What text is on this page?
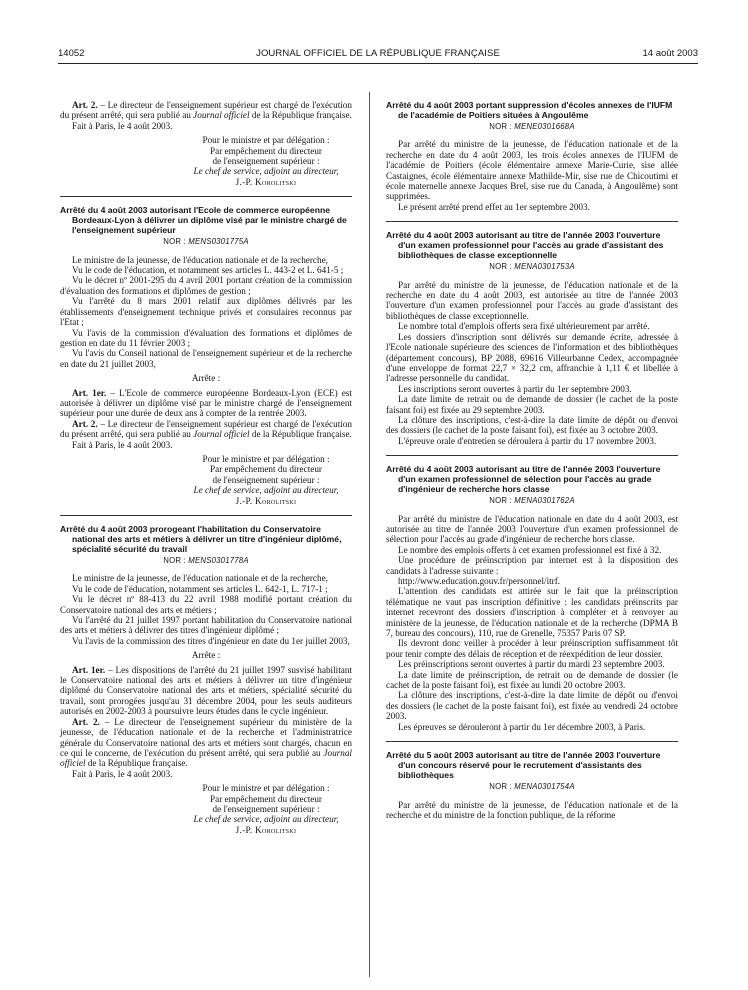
14052	JOURNAL OFFICIEL DE LA RÉPUBLIQUE FRANÇAISE	14 août 2003

Art. 2. – Le directeur de l'enseignement supérieur est chargé de l'exécution du présent arrêté, qui sera publié au Journal officiel de la République française.

Fait à Paris, le 4 août 2003.

Pour le ministre et par délégation :

Par empêchement du directeur

de l'enseignement supérieur :

Le chef de service, adjoint au directeur,

J.-P. Korolitski

Arrêté du 4 août 2003 autorisant l'Ecole de commerce européenne Bordeaux-Lyon à délivrer un diplôme visé par le ministre chargé de l'enseignement supérieur

NOR : MENS0301775A

Le ministre de la jeunesse, de l'éducation nationale et de la recherche,

Vu le code de l'éducation, et notamment ses articles L. 443-2 et L. 641-5 ;

Vu le décret nº 2001-295 du 4 avril 2001 portant création de la commission d'évaluation des formations et diplômes de gestion ;

Vu l'arrêté du 8 mars 2001 relatif aux diplômes délivrés par les établissements d'enseignement technique privés et consulaires reconnus par l'Etat ;

Vu l'avis de la commission d'évaluation des formations et diplômes de gestion en date du 11 février 2003 ;

Vu l'avis du Conseil national de l'enseignement supérieur et de la recherche en date du 21 juillet 2003,

Arrête :

Art. 1er. – L'Ecole de commerce européenne Bordeaux-Lyon (ECE) est autorisée à délivrer un diplôme visé par le ministre chargé de l'enseignement supérieur pour une durée de deux ans à compter de la rentrée 2003.

Art. 2. – Le directeur de l'enseignement supérieur est chargé de l'exécution du présent arrêté, qui sera publié au Journal officiel de la République française.

Fait à Paris, le 4 août 2003.

Pour le ministre et par délégation :

Par empêchement du directeur

de l'enseignement supérieur :

Le chef de service, adjoint au directeur,

J.-P. Korolitski

Arrêté du 4 août 2003 prorogeant l'habilitation du Conservatoire national des arts et métiers à délivrer un titre d'ingénieur diplômé, spécialité sécurité du travail

NOR : MENS0301778A

Le ministre de la jeunesse, de l'éducation nationale et de la recherche,

Vu le code de l'éducation, notamment ses articles L. 642-1, L. 717-1 ;

Vu le décret nº 88-413 du 22 avril 1988 modifié portant création du Conservatoire national des arts et métiers ;

Vu l'arrêté du 21 juillet 1997 portant habilitation du Conservatoire national des arts et métiers à délivrer des titres d'ingénieur diplômé ;

Vu l'avis de la commission des titres d'ingénieur en date du 1er juillet 2003,

Arrête :

Art. 1er. – Les dispositions de l'arrêté du 21 juillet 1997 susvisé habilitant le Conservatoire national des arts et métiers à délivrer un titre d'ingénieur diplômé du Conservatoire national des arts et métiers, spécialité sécurité du travail, sont prorogées jusqu'au 31 décembre 2004, pour les seuls auditeurs autorisés en 2002-2003 à poursuivre leurs études dans le cycle ingénieur.

Art. 2. – Le directeur de l'enseignement supérieur du ministère de la jeunesse, de l'éducation nationale et de la recherche et l'administratrice générale du Conservatoire national des arts et métiers sont chargés, chacun en ce qui le concerne, de l'exécution du présent arrêté, qui sera publié au Journal officiel de la République française.

Fait à Paris, le 4 août 2003.

Pour le ministre et par délégation :

Par empêchement du directeur

de l'enseignement supérieur :

Le chef de service, adjoint au directeur,

J.-P. Korolitski

Arrêté du 4 août 2003 portant suppression d'écoles annexes de l'IUFM de l'académie de Poitiers situées à Angoulême

NOR : MENE0301668A

Par arrêté du ministre de la jeunesse, de l'éducation nationale et de la recherche en date du 4 août 2003, les trois écoles annexes de l'IUFM de l'académie de Poitiers (école élémentaire annexe Marie-Curie, sise allée Castaignes, école élémentaire annexe Mathilde-Mir, sise rue de Chicoutimi et école maternelle annexe Jacques Brel, sise rue du Canada, à Angoulême) sont supprimées.

Le présent arrêté prend effet au 1er septembre 2003.

Arrêté du 4 août 2003 autorisant au titre de l'année 2003 l'ouverture d'un examen professionnel pour l'accès au grade d'assistant des bibliothèques de classe exceptionnelle

NOR : MENA0301753A

Par arrêté du ministre de la jeunesse, de l'éducation nationale et de la recherche en date du 4 août 2003, est autorisée au titre de l'année 2003 l'ouverture d'un examen professionnel pour l'accès au grade d'assistant des bibliothèques de classe exceptionnelle.

Le nombre total d'emplois offerts sera fixé ultérieurement par arrêté.

Les dossiers d'inscription sont délivrés sur demande écrite, adressée à l'Ecole nationale supérieure des sciences de l'information et des bibliothèques (département concours), BP 2088, 69616 Villeurbanne Cedex, accompagnée d'une enveloppe de format 22,7 × 32,2 cm, affranchie à 1,11 € et libellée à l'adresse personnelle du candidat.

Les inscriptions seront ouvertes à partir du 1er septembre 2003.

La date limite de retrait ou de demande de dossier (le cachet de la poste faisant foi) est fixée au 29 septembre 2003.

La clôture des inscriptions, c'est-à-dire la date limite de dépôt ou d'envoi des dossiers (le cachet de la poste faisant foi), est fixée au 3 octobre 2003.

L'épreuve orale d'entretien se déroulera à partir du 17 novembre 2003.

Arrêté du 4 août 2003 autorisant au titre de l'année 2003 l'ouverture d'un examen professionnel de sélection pour l'accès au grade d'ingénieur de recherche hors classe

NOR : MENA0301762A

Par arrêté du ministre de l'éducation nationale en date du 4 août 2003, est autorisée au titre de l'année 2003 l'ouverture d'un examen professionnel de sélection pour l'accès au grade d'ingénieur de recherche hors classe.

Le nombre des emplois offerts à cet examen professionnel est fixé à 32.

Une procédure de préinscription par internet est à la disposition des candidats à l'adresse suivante :

http://www.education.gouv.fr/personnel/itrf.

L'attention des candidats est attirée sur le fait que la préinscription télématique ne vaut pas inscription définitive : les candidats préinscrits par internet recevront des dossiers d'inscription à compléter et à renvoyer au ministère de la jeunesse, de l'éducation nationale et de la recherche (DPMA B 7, bureau des concours), 110, rue de Grenelle, 75357 Paris 07 SP.

Ils devront donc veiller à procéder à leur préinscription suffisamment tôt pour tenir compte des délais de réception et de réexpédition de leur dossier.

Les préinscriptions seront ouvertes à partir du mardi 23 septembre 2003.

La date limite de préinscription, de retrait ou de demande de dossier (le cachet de la poste faisant foi), est fixée au lundi 20 octobre 2003.

La clôture des inscriptions, c'est-à-dire la date limite de dépôt ou d'envoi des dossiers (le cachet de la poste faisant foi), est fixée au vendredi 24 octobre 2003.

Les épreuves se dérouleront à partir du 1er décembre 2003, à Paris.

Arrêté du 5 août 2003 autorisant au titre de l'année 2003 l'ouverture d'un concours réservé pour le recrutement d'assistants des bibliothèques

NOR : MENA0301754A

Par arrêté du ministre de la jeunesse, de l'éducation nationale et de la recherche et du ministre de la fonction publique, de la réforme
